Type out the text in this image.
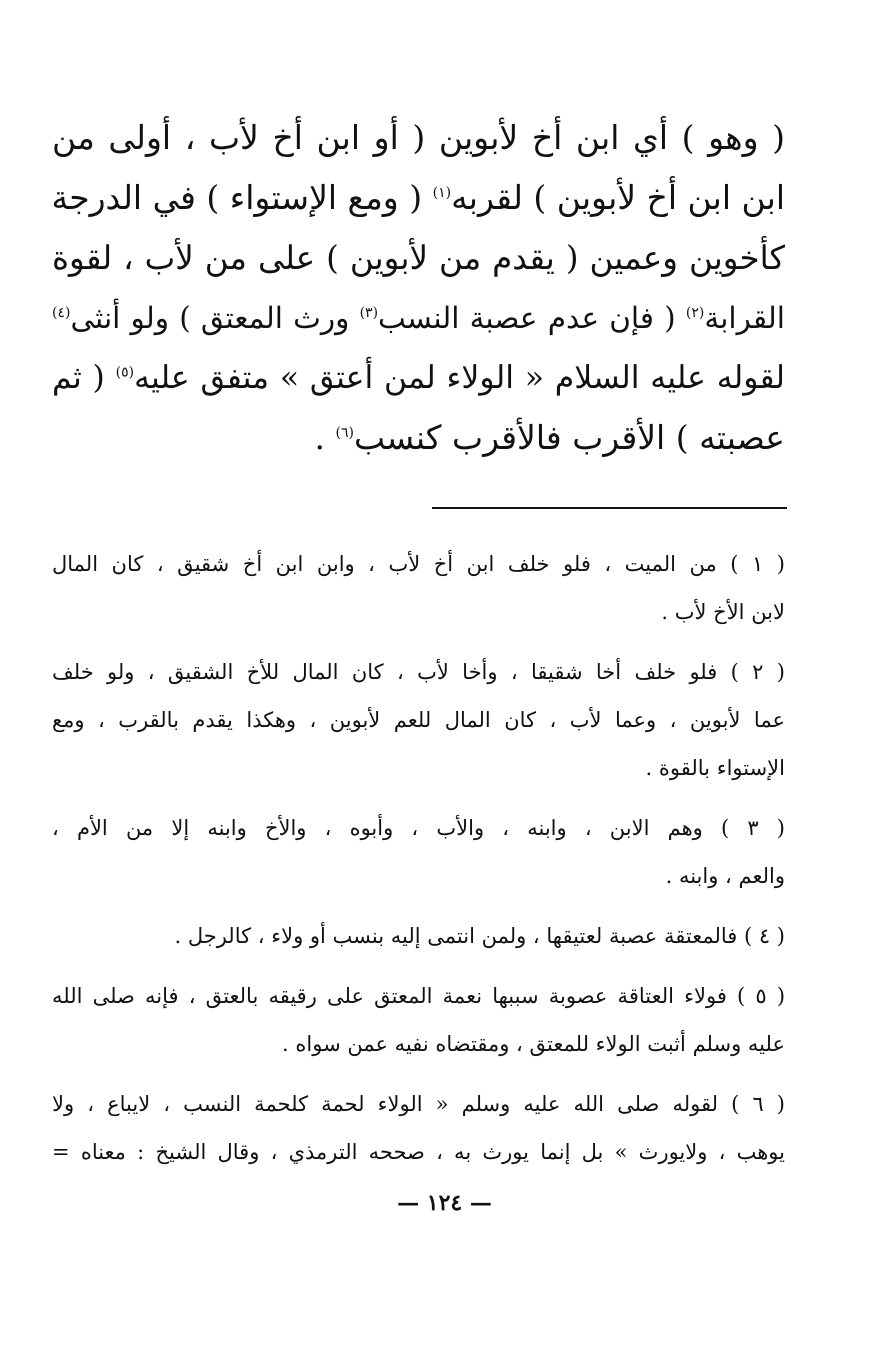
( وهو ) أي ابن أخ لأبوين ( أو ابن أخ لأب ، أولى من
ابن ابن أخ لأبوين ) لقربه$^{(١)}$ ( ومع الإستواء ) في الدرجة
كأخوين وعمين ( يقدم من لأبوين ) على من لأب ، لقوة
القرابة$^{(٢)}$ ( فإن عدم عصبة النسب$^{(٣)}$ ورث المعتق ) ولو أنثى$^{(٤)}$
لقوله عليه السلام « الولاء لمن أعتق » متفق عليه$^{(٥)}$ ( ثم
عصبته ) الأقرب فالأقرب كنسب$^{(٦)}$ .
( ١ ) من الميت ، فلو خلف ابن أخ لأب ، وابن ابن أخ شقيق ، كان المال
لابن الأخ لأب .
( ٢ ) فلو خلف أخا شقيقا ، وأخا لأب ، كان المال للأخ الشقيق ، ولو خلف
عما لأبوين ، وعما لأب ، كان المال للعم لأبوين ، وهكذا يقدم بالقرب ، ومع
الإستواء بالقوة .
( ٣ ) وهم الابن ، وابنه ، والأب ، وأبوه ، والأخ وابنه إلا من الأم ،
والعم ، وابنه .
( ٤ ) فالمعتقة عصبة لعتيقها ، ولمن انتمى إليه بنسب أو ولاء ، كالرجل .
( ٥ ) فولاء العتاقة عصوبة سببها نعمة المعتق على رقيقه بالعتق ، فإنه صلى الله
عليه وسلم أثبت الولاء للمعتق ، ومقتضاه نفيه عمن سواه .
( ٦ ) لقوله صلى الله عليه وسلم « الولاء لحمة كلحمة النسب ، لايباع ، ولا
يوهب ، ولايورث » بل إنما يورث به ، صححه الترمذي ، وقال الشيخ : معناه =
— ١٢٤ —
